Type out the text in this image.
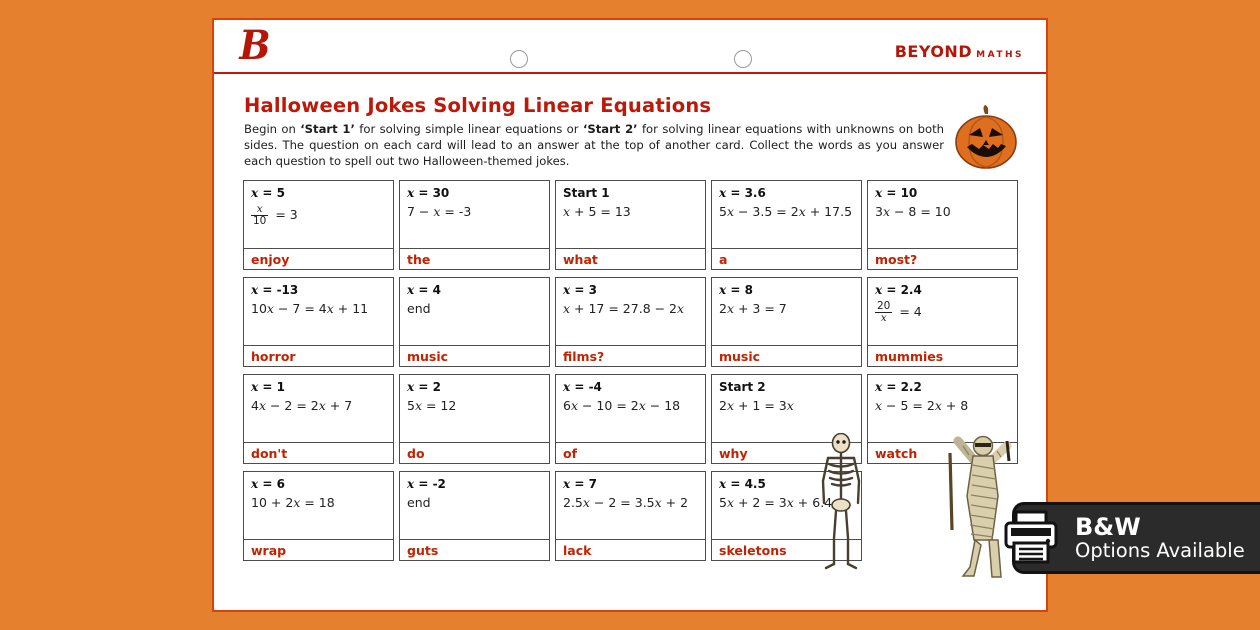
B	BEYOND MATHS
Halloween Jokes Solving Linear Equations

Begin on ‘Start 1’ for solving simple linear equations or ‘Start 2’ for solving linear equations with unknowns on both sides. The question on each card will lead to an answer at the top of another card. Collect the words as you answer each question to spell out two Halloween-themed jokes.

x = 5
$\frac{x}{10} = 3$
enjoy
x = 30
7 − x = -3
the
Start 1
x + 5 = 13
what
x = 3.6
5x − 3.5 = 2x + 17.5
a
x = 10
3x − 8 = 10
most?
x = -13
10x − 7 = 4x + 11
horror
x = 4
end
music
x = 3
x + 17 = 27.8 − 2x
films?
x = 8
2x + 3 = 7
music
x = 2.4
$\frac{20}{x} = 4$
mummies
x = 1
4x − 2 = 2x + 7
don't
x = 2
5x = 12
do
x = -4
6x − 10 = 2x − 18
of
Start 2
2x + 1 = 3x
why
x = 2.2
x − 5 = 2x + 8
watch
x = 6
10 + 2x = 18
wrap
x = -2
end
guts
x = 7
2.5x − 2 = 3.5x + 2
lack
x = 4.5
5x + 2 = 3x + 6.4
skeletons
B&W
Options Available
